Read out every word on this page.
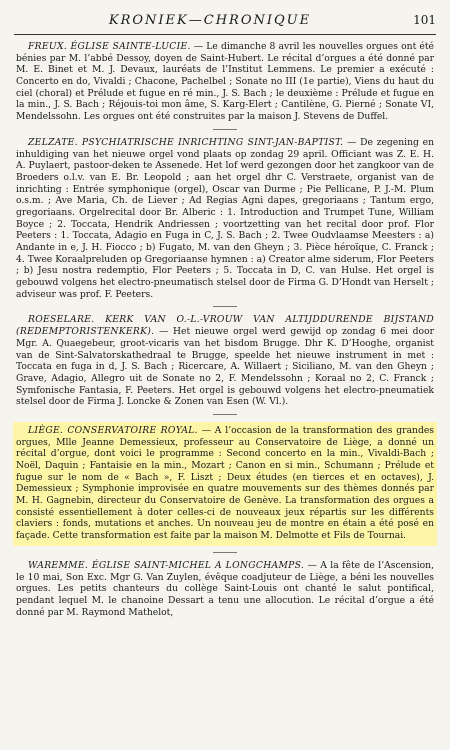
KRONIEK—CHRONIQUE	101

FREUX. ÉGLISE SAINTE-LUCIE. — Le dimanche 8 avril les nouvelles orgues ont été bénies par M. l’abbé Dessoy, doyen de Saint-Hubert. Le récital d’orgues a été donné par M. E. Binet et M. J. Devaux, lauréats de l’Institut Lemmens. Le premier a exécuté : Concerto en do, Vivaldi ; Chacone, Pachelbel ; Sonate no III (1e partie), Viens du haut du ciel (choral) et Prélude et fugue en ré min., J. S. Bach ; le deuxième : Prélude et fugue en la min., J. S. Bach ; Réjouis-toi mon âme, S. Karg-Elert ; Cantilène, G. Pierné ; Sonate VI, Mendelssohn. Les orgues ont été construites par la maison J. Stevens de Duffel.

ZELZATE. PSYCHIATRISCHE INRICHTING SINT-JAN-BAPTIST. — De zegening en inhuldiging van het nieuwe orgel vond plaats op zondag 29 april. Officiant was Z. E. H. A. Puylaert, pastoor-deken te Assenede. Het lof werd gezongen door het zangkoor van de Broeders o.l.v. van E. Br. Leopold ; aan het orgel dhr C. Verstraete, organist van de inrichting : Entrée symphonique (orgel), Oscar van Durme ; Pie Pellicane, P. J.-M. Plum o.s.m. ; Ave Maria, Ch. de Liever ; Ad Regias Agni dapes, gregoriaans ; Tantum ergo, gregoriaans. Orgelrecital door Br. Alberic : 1. Introduction and Trumpet Tune, William Boyce ; 2. Toccata, Hendrik Andriessen ; voortzetting van het recital door prof. Flor Peeters : 1. Toccata, Adagio en Fuga in C, J. S. Bach ; 2. Twee Oudvlaamse Meesters : a) Andante in e, J. H. Fiocco ; b) Fugato, M. van den Gheyn ; 3. Pièce héroïque, C. Franck ; 4. Twee Koraalpreluden op Gregoriaanse hymnen : a) Creator alme siderum, Flor Peeters ; b) Jesu nostra redemptio, Flor Peeters ; 5. Toccata in D, C. van Hulse. Het orgel is gebouwd volgens het electro-pneumatisch stelsel door de Firma G. D’Hondt van Herselt ; adviseur was prof. F. Peeters.

ROESELARE. KERK VAN O.-L.-VROUW VAN ALTIJDDURENDE BIJSTAND (REDEMPTORISTENKERK). — Het nieuwe orgel werd gewijd op zondag 6 mei door Mgr. A. Quaegebeur, groot-vicaris van het bisdom Brugge. Dhr K. D’Hooghe, organist van de Sint-Salvatorskathedraal te Brugge, speelde het nieuwe instrument in met : Toccata en fuga in d, J. S. Bach ; Ricercare, A. Willaert ; Siciliano, M. van den Gheyn ; Grave, Adagio, Allegro uit de Sonate no 2, F. Mendelssohn ; Koraal no 2, C. Franck ; Symfonische Fantasia, F. Peeters. Het orgel is gebouwd volgens het electro-pneumatiek stelsel door de Firma J. Loncke & Zonen van Esen (W. Vl.).

LIÈGE. CONSERVATOIRE ROYAL. — A l’occasion de la transformation des grandes orgues, Mlle Jeanne Demessieux, professeur au Conservatoire de Liège, a donné un récital d’orgue, dont voici le programme : Second concerto en la min., Vivaldi-Bach ; Noël, Daquin ; Fantaisie en la min., Mozart ; Canon en si min., Schumann ; Prélude et fugue sur le nom de « Bach », F. Liszt ; Deux études (en tierces et en octaves), J. Demessieux ; Symphonie improvisée en quatre mouvements sur des thèmes donnés par M. H. Gagnebin, directeur du Conservatoire de Genève. La transformation des orgues a consisté essentiellement à doter celles-ci de nouveaux jeux répartis sur les différents claviers : fonds, mutations et anches. Un nouveau jeu de montre en étain a été posé en façade. Cette transformation est faite par la maison M. Delmotte et Fils de Tournai.

WAREMME. ÉGLISE SAINT-MICHEL A LONGCHAMPS. — A la fête de l’Ascension, le 10 mai, Son Exc. Mgr G. Van Zuylen, évêque coadjuteur de Liège, a béni les nouvelles orgues. Les petits chanteurs du collège Saint-Louis ont chanté le salut pontifical, pendant lequel M. le chanoine Dessart a tenu une allocution. Le récital d’orgue a été donné par M. Raymond Mathelot,
